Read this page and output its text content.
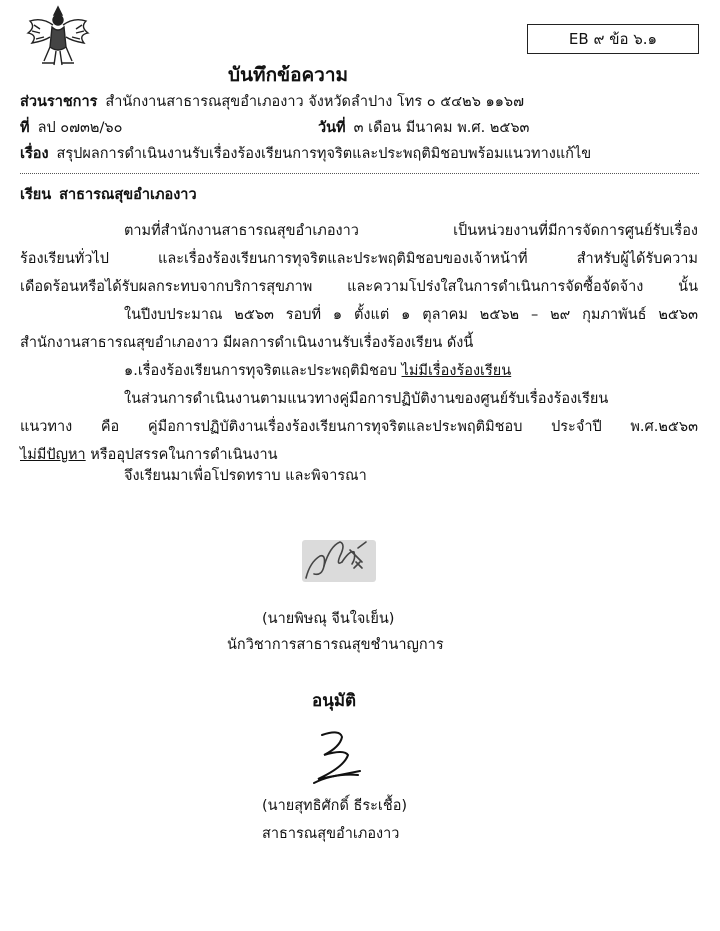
EB ๙ ข้อ ๖.๑
บันทึกข้อความ
ส่วนราชการ สำนักงานสาธารณสุขอำเภองาว จังหวัดลำปาง โทร ๐ ๕๔๒๖ ๑๑๖๗
ที่ ลป ๐๗๓๒/๖๐	วันที่ ๓ เดือน มีนาคม พ.ศ. ๒๕๖๓
เรื่อง สรุปผลการดำเนินงานรับเรื่องร้องเรียนการทุจริตและประพฤติมิชอบพร้อมแนวทางแก้ไข
เรียน สาธารณสุขอำเภองาว
ตามที่สำนักงานสาธารณสุขอำเภองาว เป็นหน่วยงานที่มีการจัดการศูนย์รับเรื่อง
ร้องเรียนทั่วไป และเรื่องร้องเรียนการทุจริตและประพฤติมิชอบของเจ้าหน้าที่ สำหรับผู้ได้รับความ
เดือดร้อนหรือได้รับผลกระทบจากบริการสุขภาพ และความโปร่งใสในการดำเนินการจัดซื้อจัดจ้าง นั้น
ในปีงบประมาณ ๒๕๖๓ รอบที่ ๑ ตั้งแต่ ๑ ตุลาคม ๒๕๖๒ – ๒๙ กุมภาพันธ์ ๒๕๖๓
สำนักงานสาธารณสุขอำเภองาว มีผลการดำเนินงานรับเรื่องร้องเรียน ดังนี้
๑.เรื่องร้องเรียนการทุจริตและประพฤติมิชอบ ไม่มีเรื่องร้องเรียน
ในส่วนการดำเนินงานตามแนวทางคู่มือการปฏิบัติงานของศูนย์รับเรื่องร้องเรียน
แนวทาง คือ คู่มือการปฏิบัติงานเรื่องร้องเรียนการทุจริตและประพฤติมิชอบ ประจำปี พ.ศ.๒๕๖๓
ไม่มีปัญหา หรืออุปสรรคในการดำเนินงาน
จึงเรียนมาเพื่อโปรดทราบ และพิจารณา
(นายพิษณุ จีนใจเย็น)
นักวิชาการสาธารณสุขชำนาญการ
อนุมัติ
(นายสุทธิศักดิ์ ธีระเชื้อ)
สาธารณสุขอำเภองาว
